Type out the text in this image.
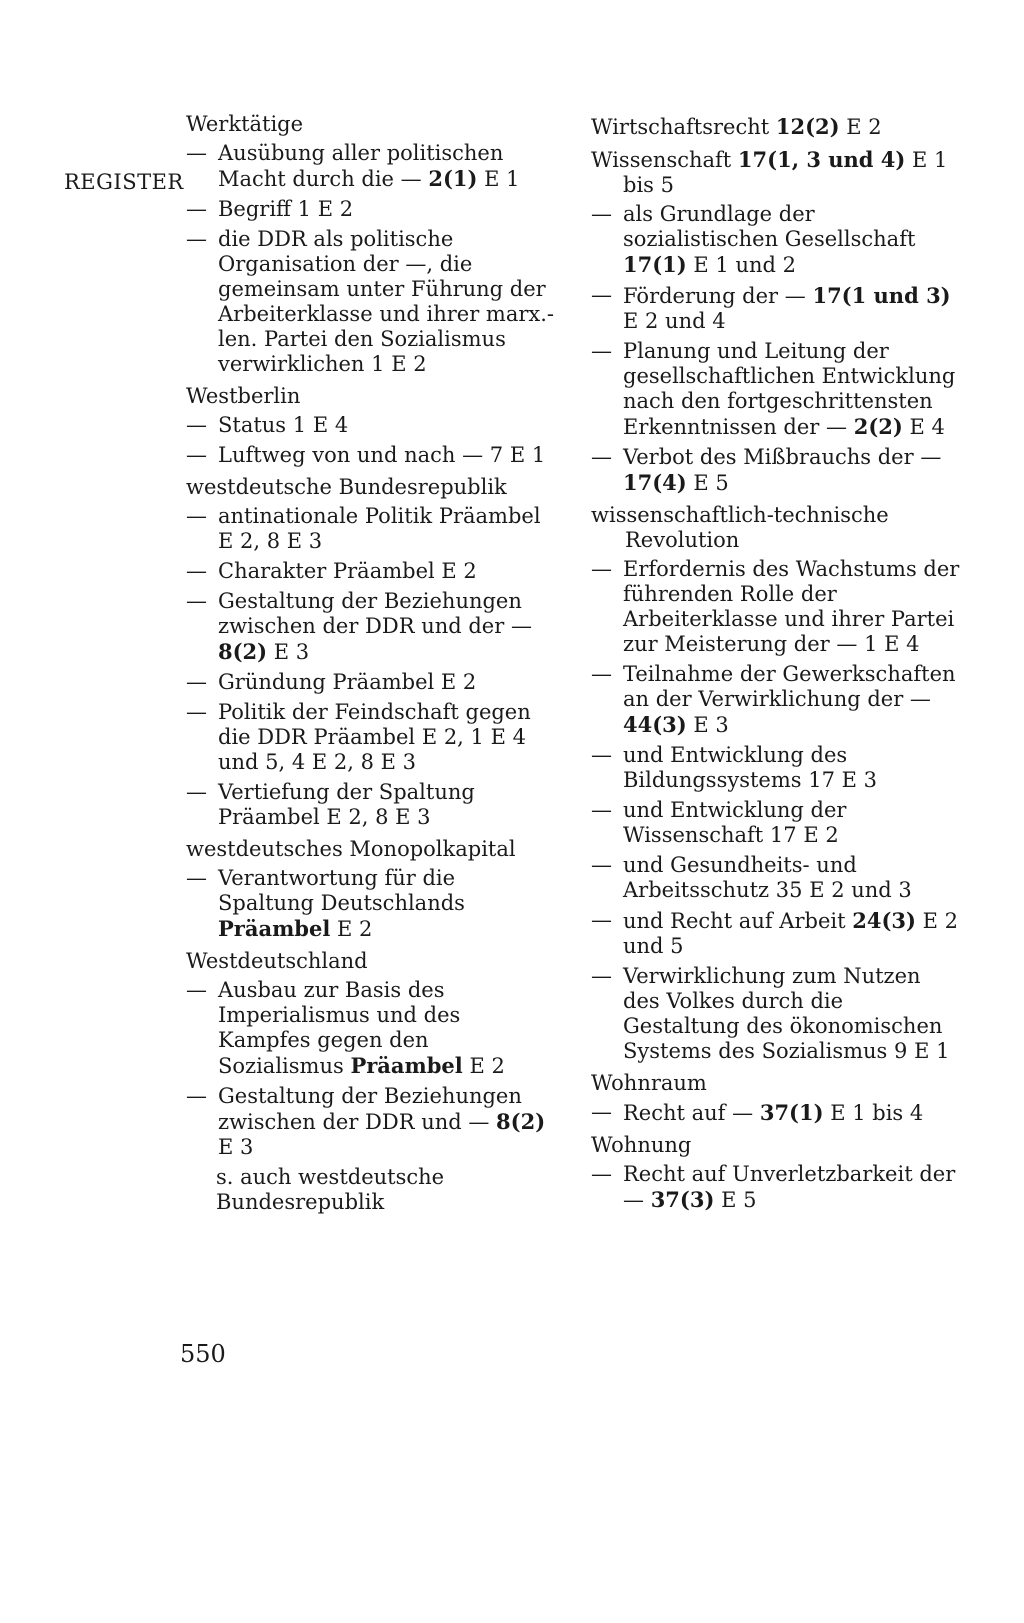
REGISTER
Werktätige
— Ausübung aller politischen Macht durch die — 2(1) E 1
— Begriff 1 E 2
— die DDR als politische Organisation der —, die gemeinsam unter Führung der Arbeiterklasse und ihrer marx.-len. Partei den Sozialismus verwirklichen 1 E 2
Westberlin
— Status 1 E 4
— Luftweg von und nach — 7 E 1
westdeutsche Bundesrepublik
— antinationale Politik Präambel E 2, 8 E 3
— Charakter Präambel E 2
— Gestaltung der Beziehungen zwischen der DDR und der — 8(2) E 3
— Gründung Präambel E 2
— Politik der Feindschaft gegen die DDR Präambel E 2, 1 E 4 und 5, 4 E 2, 8 E 3
— Vertiefung der Spaltung Präambel E 2, 8 E 3
westdeutsches Monopolkapital
— Verantwortung für die Spaltung Deutschlands Präambel E 2
Westdeutschland
— Ausbau zur Basis des Imperialismus und des Kampfes gegen den Sozialismus Präambel E 2
— Gestaltung der Beziehungen zwischen der DDR und — 8(2) E 3
s. auch westdeutsche Bundesrepublik
Wirtschaftsrecht 12(2) E 2
Wissenschaft 17(1, 3 und 4) E 1 bis 5
— als Grundlage der sozialistischen Gesellschaft 17(1) E 1 und 2
— Förderung der — 17(1 und 3) E 2 und 4
— Planung und Leitung der gesellschaftlichen Entwicklung nach den fortgeschrittensten Erkenntnissen der — 2(2) E 4
— Verbot des Mißbrauchs der — 17(4) E 5
wissenschaftlich-technische Revolution
— Erfordernis des Wachstums der führenden Rolle der Arbeiterklasse und ihrer Partei zur Meisterung der — 1 E 4
— Teilnahme der Gewerkschaften an der Verwirklichung der — 44(3) E 3
— und Entwicklung des Bildungssystems 17 E 3
— und Entwicklung der Wissenschaft 17 E 2
— und Gesundheits- und Arbeitsschutz 35 E 2 und 3
— und Recht auf Arbeit 24(3) E 2 und 5
— Verwirklichung zum Nutzen des Volkes durch die Gestaltung des ökonomischen Systems des Sozialismus 9 E 1
Wohnraum
— Recht auf — 37(1) E 1 bis 4
Wohnung
— Recht auf Unverletzbarkeit der — 37(3) E 5
550
